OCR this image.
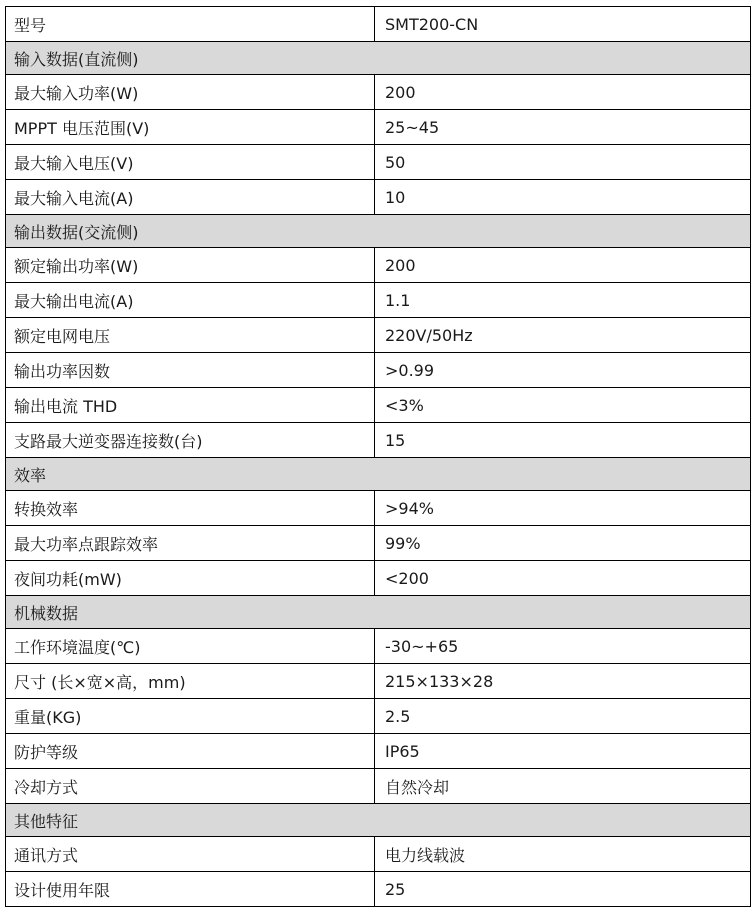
型号	SMT200-CN
输入数据(直流侧)	
最大输入功率(W)	200
MPPT 电压范围(V)	25~45
最大输入电压(V)	50
最大输入电流(A)	10
输出数据(交流侧)	
额定输出功率(W)	200
最大输出电流(A)	1.1
额定电网电压	220V/50Hz
输出功率因数	>0.99
输出电流 THD	<3%
支路最大逆变器连接数(台)	15
效率	
转换效率	>94%
最大功率点跟踪效率	99%
夜间功耗(mW)	<200
机械数据	
工作环境温度(℃)	-30~+65
尺寸 (长×宽×高，mm)	215×133×28
重量(KG)	2.5
防护等级	IP65
冷却方式	自然冷却
其他特征	
通讯方式	电力线载波
设计使用年限	25
